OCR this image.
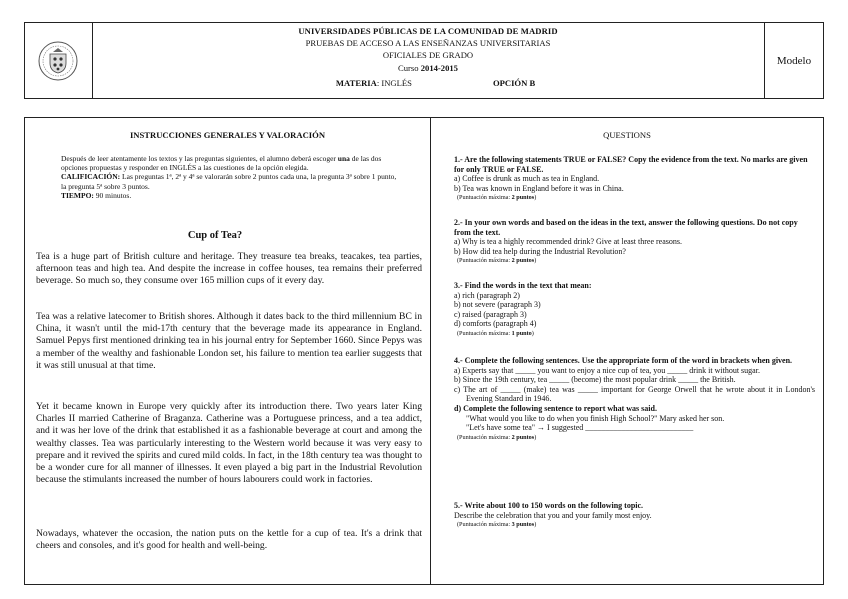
UNIVERSIDADES PÚBLICAS DE LA COMUNIDAD DE MADRID
PRUEBAS DE ACCESO A LAS ENSEÑANZAS UNIVERSITARIAS
OFICIALES DE GRADO
Curso 2014-2015
MATERIA: INGLÉS	OPCIÓN B
Modelo
INSTRUCCIONES GENERALES Y VALORACIÓN
Después de leer atentamente los textos y las preguntas siguientes, el alumno deberá escoger una de las dos opciones propuestas y responder en INGLÉS a las cuestiones de la opción elegida.
CALIFICACIÓN: Las preguntas 1ª, 2ª y 4ª se valorarán sobre 2 puntos cada una, la pregunta 3ª sobre 1 punto, la pregunta 5ª sobre 3 puntos.
TIEMPO: 90 minutos.
Cup of Tea?
Tea is a huge part of British culture and heritage. They treasure tea breaks, teacakes, tea parties, afternoon teas and high tea. And despite the increase in coffee houses, tea remains their preferred beverage. So much so, they consume over 165 million cups of it every day.
Tea was a relative latecomer to British shores. Although it dates back to the third millennium BC in China, it wasn't until the mid-17th century that the beverage made its appearance in England. Samuel Pepys first mentioned drinking tea in his journal entry for September 1660. Since Pepys was a member of the wealthy and fashionable London set, his failure to mention tea earlier suggests that it was still unusual at that time.
Yet it became known in Europe very quickly after its introduction there. Two years later King Charles II married Catherine of Braganza. Catherine was a Portuguese princess, and a tea addict, and it was her love of the drink that established it as a fashionable beverage at court and among the wealthy classes. Tea was particularly interesting to the Western world because it was very easy to prepare and it revived the spirits and cured mild colds. In fact, in the 18th century tea was thought to be a wonder cure for all manner of illnesses. It even played a big part in the Industrial Revolution because the stimulants increased the number of hours labourers could work in factories.
Nowadays, whatever the occasion, the nation puts on the kettle for a cup of tea. It's a drink that cheers and consoles, and it's good for health and well-being.
QUESTIONS
1.- Are the following statements TRUE or FALSE? Copy the evidence from the text. No marks are given for only TRUE or FALSE.
a) Coffee is drunk as much as tea in England.
b) Tea was known in England before it was in China.
(Puntuación máxima: 2 puntos)
2.- In your own words and based on the ideas in the text, answer the following questions. Do not copy from the text.
a) Why is tea a highly recommended drink? Give at least three reasons.
b) How did tea help during the Industrial Revolution?
(Puntuación máxima: 2 puntos)
3.- Find the words in the text that mean:
a) rich (paragraph 2)
b) not severe (paragraph 3)
c) raised (paragraph 3)
d) comforts (paragraph 4)
(Puntuación máxima: 1 punto)
4.- Complete the following sentences. Use the appropriate form of the word in brackets when given.
a) Experts say that _____ you want to enjoy a nice cup of tea, you _____ drink it without sugar.
b) Since the 19th century, tea _____ (become) the most popular drink _____ the British.
c) The art of _____ (make) tea was _____ important for George Orwell that he wrote about it in London's Evening Standard in 1946.
d) Complete the following sentence to report what was said.
"What would you like to do when you finish High School?" Mary asked her son.
"Let's have some tea" → I suggested ___________________________
(Puntuación máxima: 2 puntos)
5.- Write about 100 to 150 words on the following topic.
Describe the celebration that you and your family most enjoy.
(Puntuación máxima: 3 puntos)
